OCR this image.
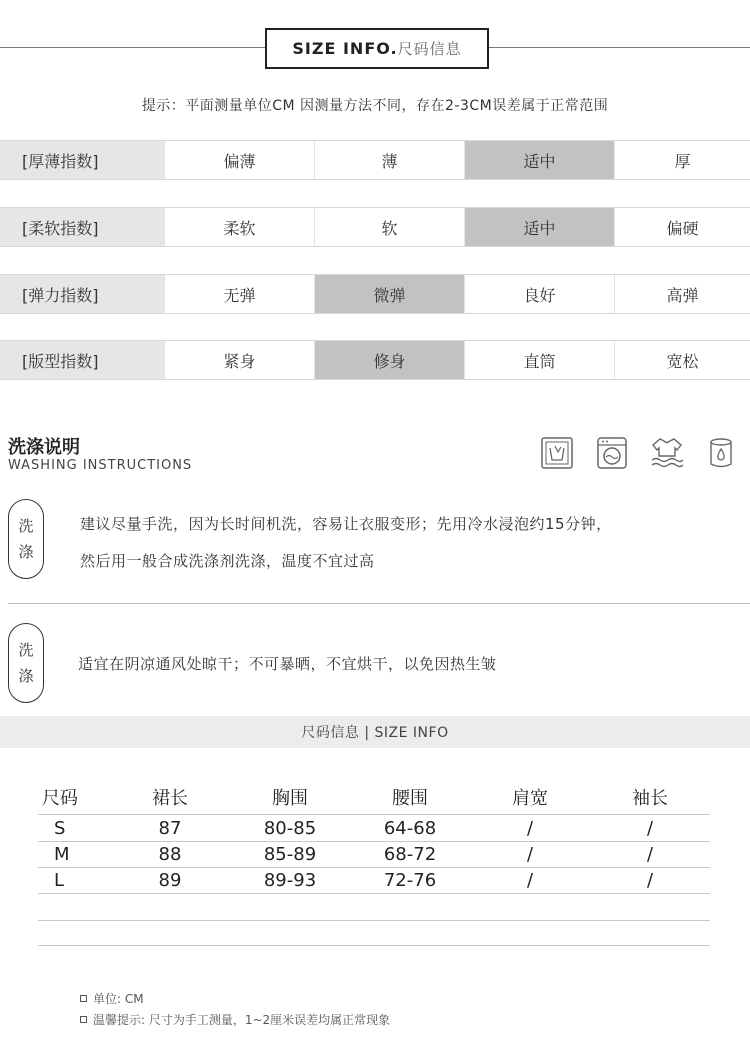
SIZE INFO. 尺码信息
提示：平面测量单位CM 因测量方法不同，存在2-3CM误差属于正常范围
[厚薄指数]	偏薄	薄	适中	厚
[柔软指数]	柔软	软	适中	偏硬
[弹力指数]	无弹	微弹	良好	高弹
[版型指数]	紧身	修身	直筒	宽松
洗涤说明
WASHING INSTRUCTIONS
洗
涤
建议尽量手洗，因为长时间机洗，容易让衣服变形；先用冷水浸泡约15分钟，
然后用一般合成洗涤剂洗涤，温度不宜过高
洗
涤
适宜在阴凉通风处晾干；不可暴晒，不宜烘干，以免因热生皱
尺码信息 | SIZE INFO
尺码	裙长	胸围	腰围	肩宽	袖长
S	87	80-85	64-68	/	/
M	88	85-89	68-72	/	/
L	89	89-93	72-76	/	/
单位: CM
温馨提示: 尺寸为手工测量，1~2厘米误差均属正常现象
